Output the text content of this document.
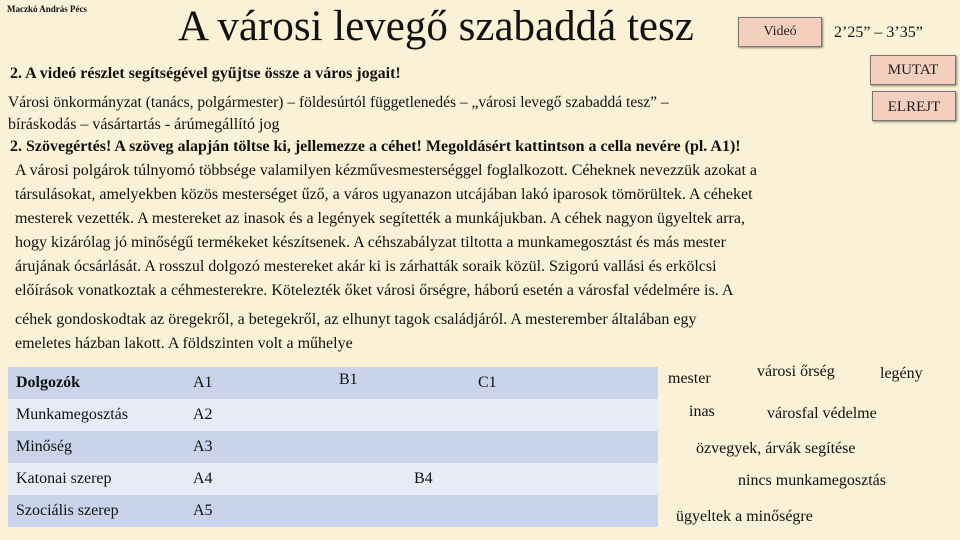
Maczkó András Pécs A városi levegő szabaddá tesz	Videó	2’25” – 3’35”
2. A videó részlet segítségével gyűjtse össze a város jogait!	MUTAT
ELREJT
Városi önkormányzat (tanács, polgármester) – földesúrtól függetlenedés – „városi levegő szabaddá tesz” –
bíráskodás – vásártartás - árúmegállító jog
2. Szövegértés! A szöveg alapján töltse ki, jellemezze a céhet! Megoldásért kattintson a cella nevére (pl. A1)!
A városi polgárok túlnyomó többsége valamilyen kézművesmesterséggel foglalkozott. Céheknek nevezzük azokat a
társulásokat, amelyekben közös mesterséget űző, a város ugyanazon utcájában lakó iparosok tömörültek. A céheket
mesterek vezették. A mestereket az inasok és a legények segítették a munkájukban. A céhek nagyon ügyeltek arra,
hogy kizárólag jó minőségű termékeket készítsenek. A céhszabályzat tiltotta a munkamegosztást és más mester
árujának ócsárlását. A rosszul dolgozó mestereket akár ki is zárhatták soraik közül. Szigorú vallási és erkölcsi
előírások vonatkoztak a céhmesterekre. Kötelezték őket városi őrségre, háború esetén a városfal védelmére is. A
céhek gondoskodtak az öregekről, a betegekről, az elhunyt tagok családjáról. A mesterember általában egy
emeletes házban lakott. A földszinten volt a műhelye
Dolgozók	A1	B1	C1
Munkamegosztás	A2		
Minőség	A3		
Katonai szerep	A4		B4
Szociális szerep	A5		
mester	városi őrség	legény
inas	városfal védelme
özvegyek, árvák segítése
nincs munkamegosztás
ügyeltek a minőségre
